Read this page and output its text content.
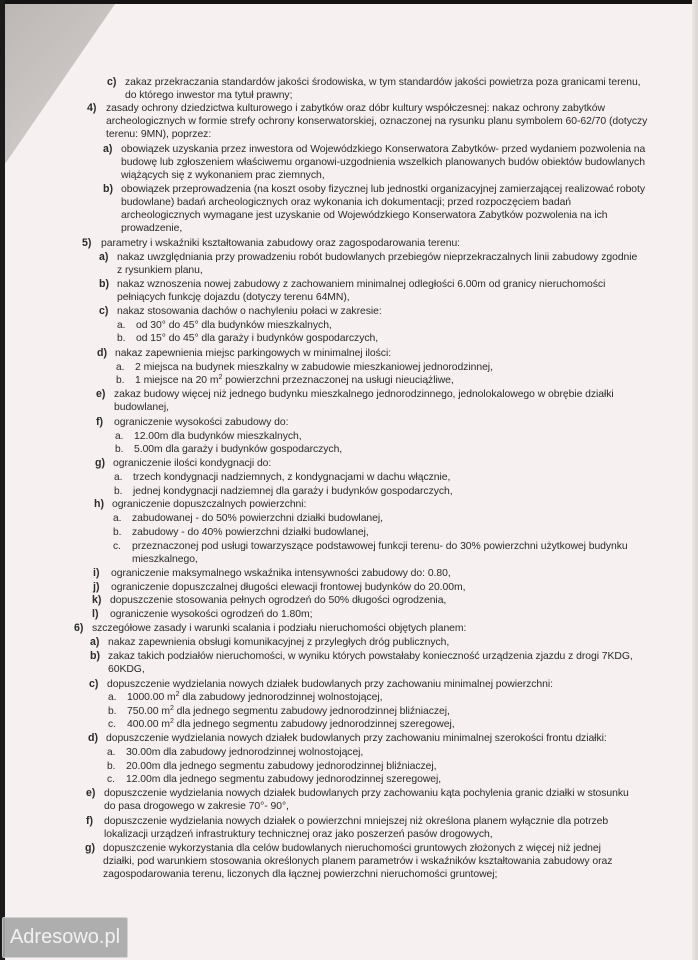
c) zakaz przekraczania standardów jakości środowiska, w tym standardów jakości powietrza poza granicami terenu,
do którego inwestor ma tytuł prawny;
4) zasady ochrony dziedzictwa kulturowego i zabytków oraz dóbr kultury współczesnej: nakaz ochrony zabytków
archeologicznych w formie strefy ochrony konserwatorskiej, oznaczonej na rysunku planu symbolem 60-62/70 (dotyczy
terenu: 9MN), poprzez:
a) obowiązek uzyskania przez inwestora od Wojewódzkiego Konserwatora Zabytków- przed wydaniem pozwolenia na
budowę lub zgłoszeniem właściwemu organowi-uzgodnienia wszelkich planowanych budów obiektów budowlanych
wiążących się z wykonaniem prac ziemnych,
b) obowiązek przeprowadzenia (na koszt osoby fizycznej lub jednostki organizacyjnej zamierzającej realizować roboty
budowlane) badań archeologicznych oraz wykonania ich dokumentacji; przed rozpoczęciem badań
archeologicznych wymagane jest uzyskanie od Wojewódzkiego Konserwatora Zabytków pozwolenia na ich
prowadzenie,
5) parametry i wskaźniki kształtowania zabudowy oraz zagospodarowania terenu:
a) nakaz uwzględniania przy prowadzeniu robót budowlanych przebiegów nieprzekraczalnych linii zabudowy zgodnie
z rysunkiem planu,
b) nakaz wznoszenia nowej zabudowy z zachowaniem minimalnej odległości 6.00m od granicy nieruchomości
pełniących funkcję dojazdu (dotyczy terenu 64MN),
c) nakaz stosowania dachów o nachyleniu połaci w zakresie:
a. od 30° do 45° dla budynków mieszkalnych,
b. od 15° do 45° dla garaży i budynków gospodarczych,
d) nakaz zapewnienia miejsc parkingowych w minimalnej ilości:
a. 2 miejsca na budynek mieszkalny w zabudowie mieszkaniowej jednorodzinnej,
b. 1 miejsce na 20 $m^2$ powierzchni przeznaczonej na usługi nieuciążliwe,
e) zakaz budowy więcej niż jednego budynku mieszkalnego jednorodzinnego, jednolokalowego w obrębie działki
budowlanej,
f) ograniczenie wysokości zabudowy do:
a. 12.00m dla budynków mieszkalnych,
b. 5.00m dla garaży i budynków gospodarczych,
g) ograniczenie ilości kondygnacji do:
a. trzech kondygnacji nadziemnych, z kondygnacjami w dachu włącznie,
b. jednej kondygnacji nadziemnej dla garaży i budynków gospodarczych,
h) ograniczenie dopuszczalnych powierzchni:
a. zabudowanej - do 50% powierzchni działki budowlanej,
b. zabudowy - do 40% powierzchni działki budowlanej,
c. przeznaczonej pod usługi towarzyszące podstawowej funkcji terenu- do 30% powierzchni użytkowej budynku
mieszkalnego,
i) ograniczenie maksymalnego wskaźnika intensywności zabudowy do: 0.80,
j) ograniczenie dopuszczalnej długości elewacji frontowej budynków do 20.00m,
k) dopuszczenie stosowania pełnych ogrodzeń do 50% długości ogrodzenia,
l) ograniczenie wysokości ogrodzeń do 1.80m;
6) szczegółowe zasady i warunki scalania i podziału nieruchomości objętych planem:
a) nakaz zapewnienia obsługi komunikacyjnej z przyległych dróg publicznych,
b) zakaz takich podziałów nieruchomości, w wyniku których powstałaby konieczność urządzenia zjazdu z drogi 7KDG,
60KDG,
c) dopuszczenie wydzielania nowych działek budowlanych przy zachowaniu minimalnej powierzchni:
a. 1000.00 $m^2$ dla zabudowy jednorodzinnej wolnostojącej,
b. 750.00 $m^2$ dla jednego segmentu zabudowy jednorodzinnej bliźniaczej,
c. 400.00 $m^2$ dla jednego segmentu zabudowy jednorodzinnej szeregowej,
d) dopuszczenie wydzielania nowych działek budowlanych przy zachowaniu minimalnej szerokości frontu działki:
a. 30.00m dla zabudowy jednorodzinnej wolnostojącej,
b. 20.00m dla jednego segmentu zabudowy jednorodzinnej bliźniaczej,
c. 12.00m dla jednego segmentu zabudowy jednorodzinnej szeregowej,
e) dopuszczenie wydzielania nowych działek budowlanych przy zachowaniu kąta pochylenia granic działki w stosunku
do pasa drogowego w zakresie 70°- 90°,
f) dopuszczenie wydzielania nowych działek o powierzchni mniejszej niż określona planem wyłącznie dla potrzeb
lokalizacji urządzeń infrastruktury technicznej oraz jako poszerzeń pasów drogowych,
g) dopuszczenie wykorzystania dla celów budowlanych nieruchomości gruntowych złożonych z więcej niż jednej
działki, pod warunkiem stosowania określonych planem parametrów i wskaźników kształtowania zabudowy oraz
zagospodarowania terenu, liczonych dla łącznej powierzchni nieruchomości gruntowej;
Adresowo.pl
